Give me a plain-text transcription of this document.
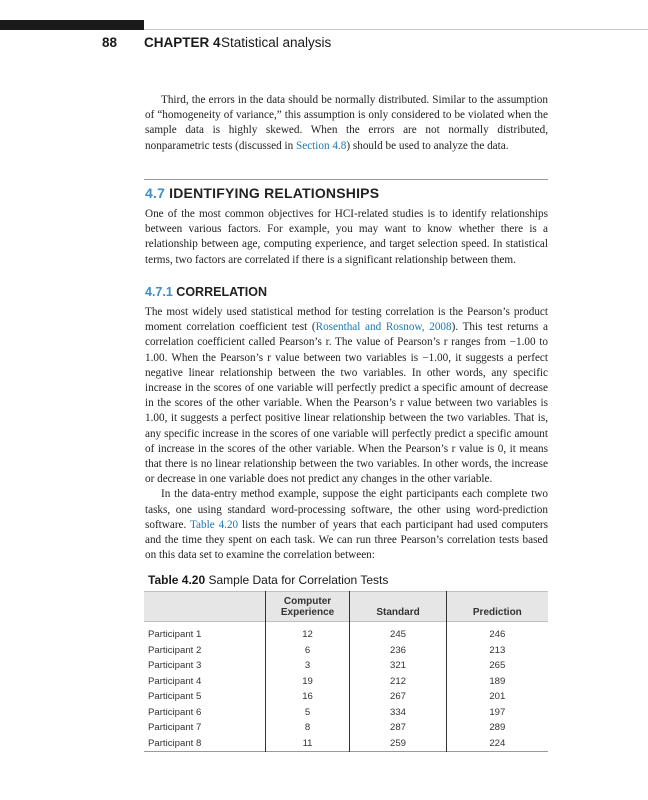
88 CHAPTER 4 Statistical analysis
Third, the errors in the data should be normally distributed. Similar to the assumption of “homogeneity of variance,” this assumption is only considered to be violated when the sample data is highly skewed. When the errors are not normally distributed, nonparametric tests (discussed in Section 4.8) should be used to analyze the data.
4.7 IDENTIFYING RELATIONSHIPS
One of the most common objectives for HCI-related studies is to identify relationships between various factors. For example, you may want to know whether there is a relationship between age, computing experience, and target selection speed. In statistical terms, two factors are correlated if there is a significant relationship between them.
4.7.1 CORRELATION
The most widely used statistical method for testing correlation is the Pearson’s product moment correlation coefficient test (Rosenthal and Rosnow, 2008). This test returns a correlation coefficient called Pearson’s r. The value of Pearson’s r ranges from −1.00 to 1.00. When the Pearson’s r value between two variables is −1.00, it suggests a perfect negative linear relationship between the two variables. In other words, any specific increase in the scores of one variable will perfectly predict a specific amount of decrease in the scores of the other variable. When the Pearson’s r value between two variables is 1.00, it suggests a perfect positive linear relationship between the two variables. That is, any specific increase in the scores of one variable will perfectly predict a specific amount of increase in the scores of the other variable. When the Pearson’s r value is 0, it means that there is no linear relationship between the two variables. In other words, the increase or decrease in one variable does not predict any changes in the other variable.
In the data-entry method example, suppose the eight participants each complete two tasks, one using standard word-processing software, the other using word-prediction software. Table 4.20 lists the number of years that each participant had used computers and the time they spent on each task. We can run three Pearson’s correlation tests based on this data set to examine the correlation between:
Table 4.20 Sample Data for Correlation Tests
	Computer Experience	Standard	Prediction
Participant 1	12	245	246
Participant 2	6	236	213
Participant 3	3	321	265
Participant 4	19	212	189
Participant 5	16	267	201
Participant 6	5	334	197
Participant 7	8	287	289
Participant 8	11	259	224
